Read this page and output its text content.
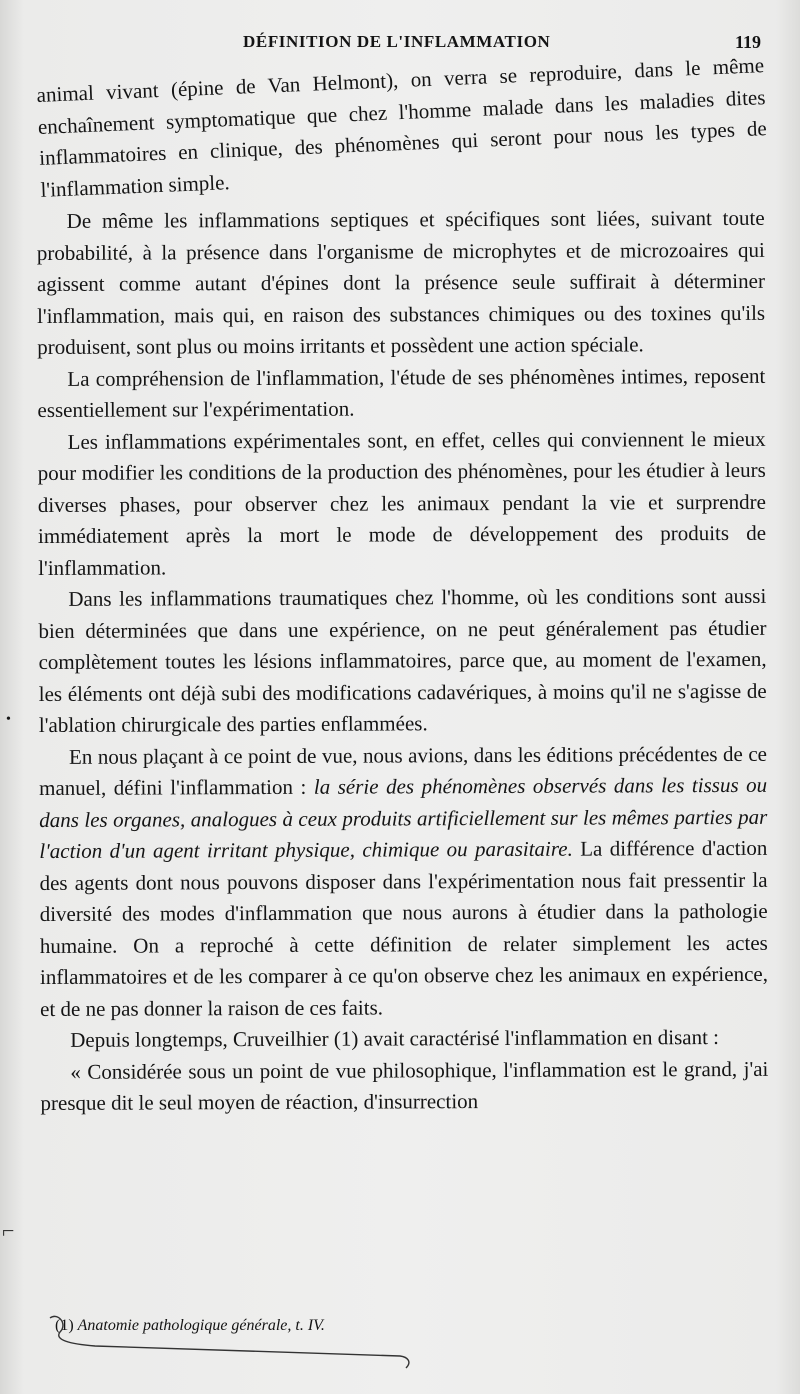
DÉFINITION DE L'INFLAMMATION	119

animal vivant (épine de Van Helmont), on verra se reproduire, dans le même enchaînement symptomatique que chez l'homme malade dans les maladies dites inflammatoires en clinique, des phénomènes qui seront pour nous les types de l'inflammation simple.

De même les inflammations septiques et spécifiques sont liées, suivant toute probabilité, à la présence dans l'organisme de microphytes et de microzoaires qui agissent comme autant d'épines dont la présence seule suffirait à déterminer l'inflammation, mais qui, en raison des substances chimiques ou des toxines qu'ils produisent, sont plus ou moins irritants et possèdent une action spéciale.

La compréhension de l'inflammation, l'étude de ses phénomènes intimes, reposent essentiellement sur l'expérimentation.

Les inflammations expérimentales sont, en effet, celles qui conviennent le mieux pour modifier les conditions de la production des phénomènes, pour les étudier à leurs diverses phases, pour observer chez les animaux pendant la vie et surprendre immédiatement après la mort le mode de développement des produits de l'inflammation.

Dans les inflammations traumatiques chez l'homme, où les conditions sont aussi bien déterminées que dans une expérience, on ne peut généralement pas étudier complètement toutes les lésions inflammatoires, parce que, au moment de l'examen, les éléments ont déjà subi des modifications cadavériques, à moins qu'il ne s'agisse de l'ablation chirurgicale des parties enflammées.

En nous plaçant à ce point de vue, nous avions, dans les éditions précédentes de ce manuel, défini l'inflammation : la série des phénomènes observés dans les tissus ou dans les organes, analogues à ceux produits artificiellement sur les mêmes parties par l'action d'un agent irritant physique, chimique ou parasitaire. La différence d'action des agents dont nous pouvons disposer dans l'expérimentation nous fait pressentir la diversité des modes d'inflammation que nous aurons à étudier dans la pathologie humaine. On a reproché à cette définition de relater simplement les actes inflammatoires et de les comparer à ce qu'on observe chez les animaux en expérience, et de ne pas donner la raison de ces faits.

Depuis longtemps, Cruveilhier (1) avait caractérisé l'inflammation en disant :

« Considérée sous un point de vue philosophique, l'inflammation est le grand, j'ai presque dit le seul moyen de réaction, d'insurrection

(1) Anatomie pathologique générale, t. IV.
•
⌐
